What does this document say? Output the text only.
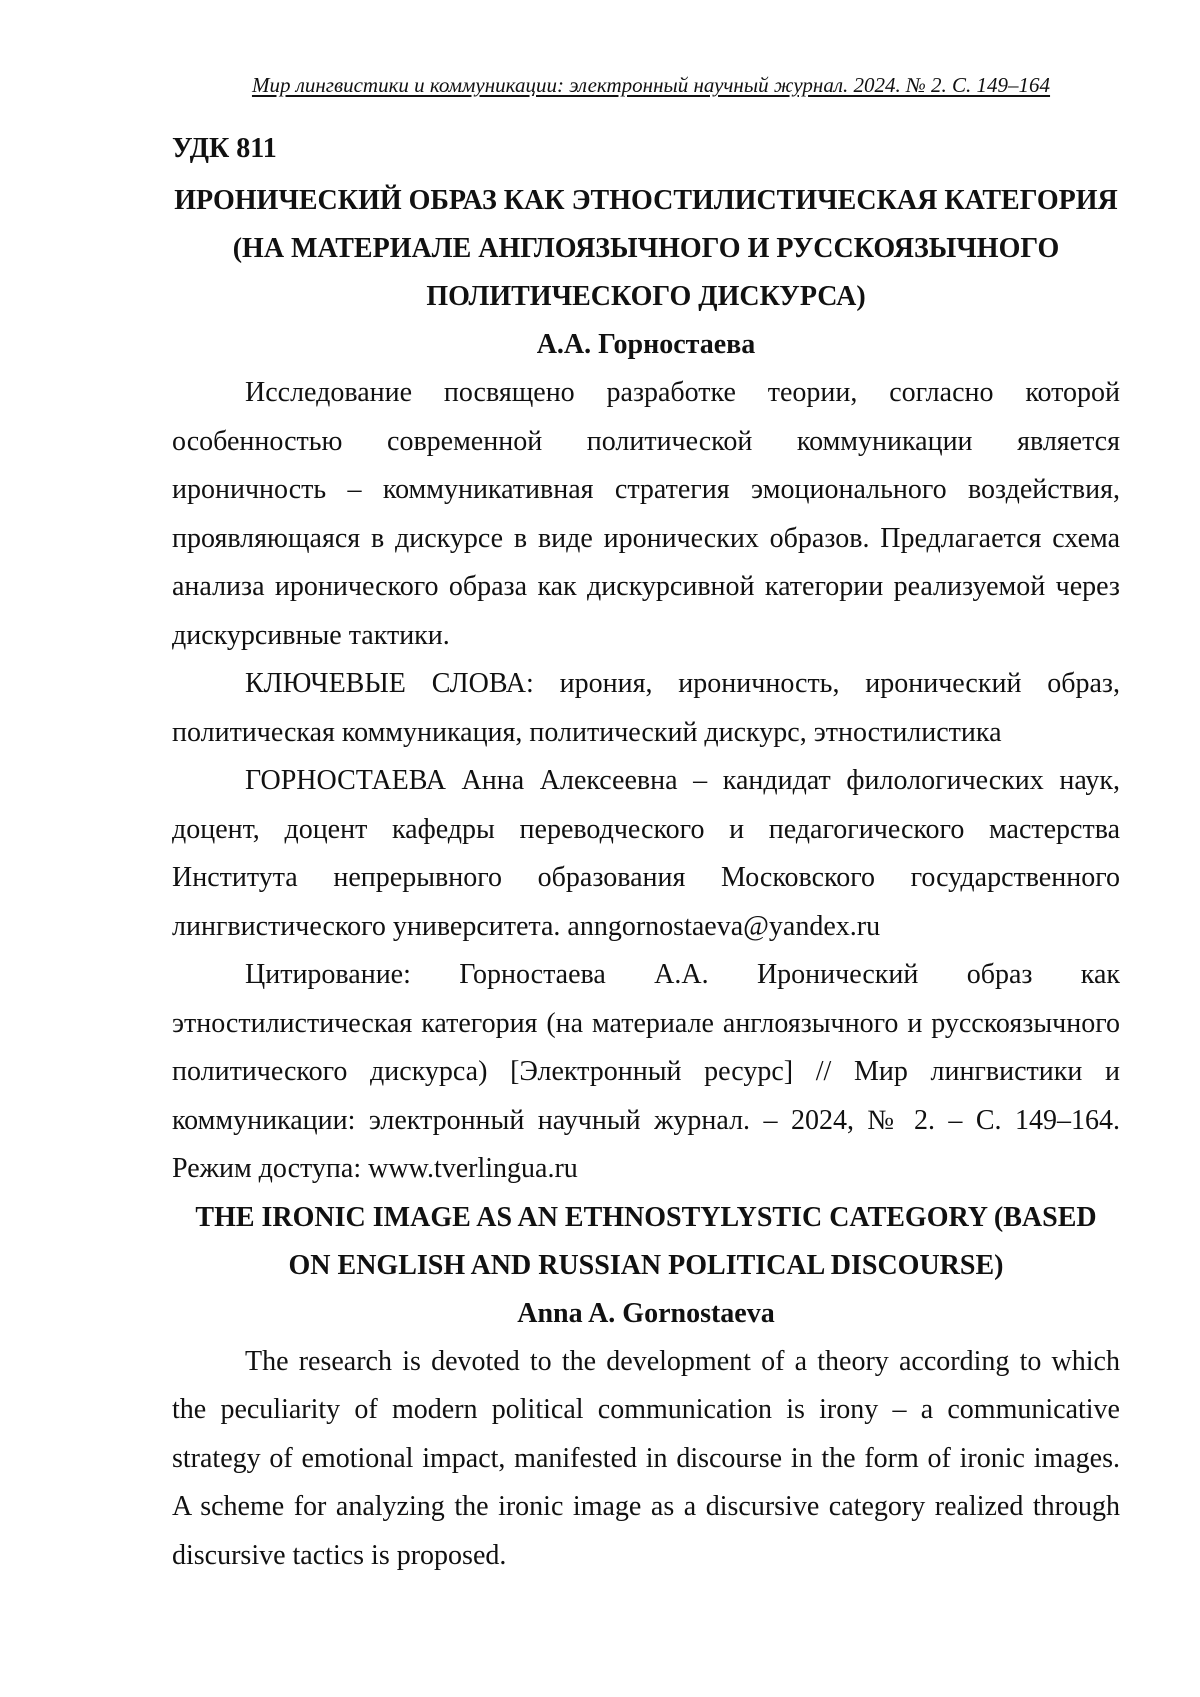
Мир лингвистики и коммуникации: электронный научный журнал. 2024. № 2. С. 149–164
УДК 811
ИРОНИЧЕСКИЙ ОБРАЗ КАК ЭТНОСТИЛИСТИЧЕСКАЯ КАТЕГОРИЯ (НА МАТЕРИАЛЕ АНГЛОЯЗЫЧНОГО И РУССКОЯЗЫЧНОГО ПОЛИТИЧЕСКОГО ДИСКУРСА)
А.А. Горностаева

Исследование посвящено разработке теории, согласно которой особенностью современной политической коммуникации является ироничность – коммуникативная стратегия эмоционального воздействия, проявляющаяся в дискурсе в виде иронических образов. Предлагается схема анализа иронического образа как дискурсивной категории реализуемой через дискурсивные тактики.

КЛЮЧЕВЫЕ СЛОВА: ирония, ироничность, иронический образ, политическая коммуникация, политический дискурс, этностилистика

ГОРНОСТАЕВА Анна Алексеевна – кандидат филологических наук, доцент, доцент кафедры переводческого и педагогического мастерства Института непрерывного образования Московского государственного лингвистического университета. anngornostaeva@yandex.ru

Цитирование: Горностаева А.А. Иронический образ как этностилистическая категория (на материале англоязычного и русскоязычного политического дискурса) [Электронный ресурс] // Мир лингвистики и коммуникации: электронный научный журнал. – 2024, № 2. – С. 149–164. Режим доступа: www.tverlingua.ru

THE IRONIC IMAGE AS AN ETHNOSTYLYSTIC CATEGORY (BASED ON ENGLISH AND RUSSIAN POLITICAL DISCOURSE)
Anna A. Gornostaeva

The research is devoted to the development of a theory according to which the peculiarity of modern political communication is irony – a communicative strategy of emotional impact, manifested in discourse in the form of ironic images. A scheme for analyzing the ironic image as a discursive category realized through discursive tactics is proposed.
